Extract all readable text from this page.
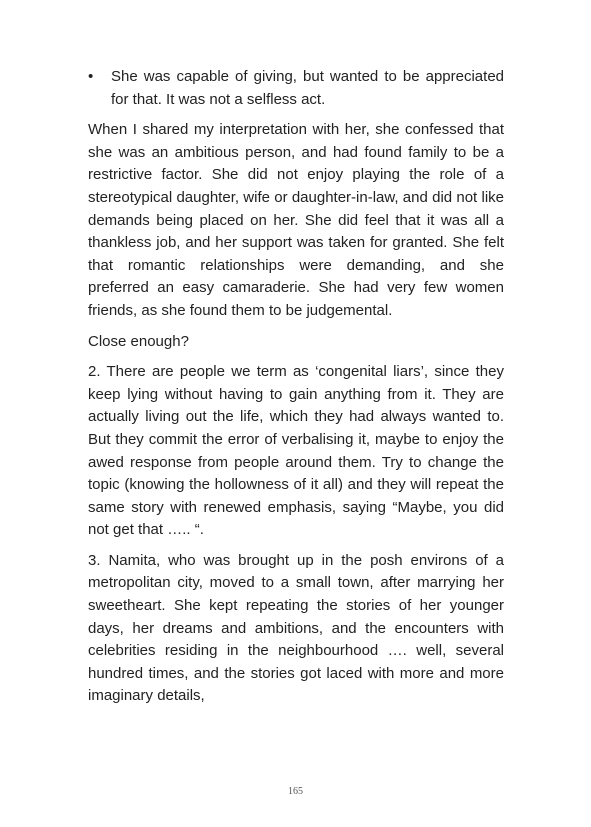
• She was capable of giving, but wanted to be appreciated for that. It was not a selfless act.

When I shared my interpretation with her, she confessed that she was an ambitious person, and had found family to be a restrictive factor. She did not enjoy playing the role of a stereotypical daughter, wife or daughter-in-law, and did not like demands being placed on her. She did feel that it was all a thankless job, and her support was taken for granted. She felt that romantic relationships were demanding, and she preferred an easy camaraderie. She had very few women friends, as she found them to be judgemental.

Close enough?

2. There are people we term as ‘congenital liars’, since they keep lying without having to gain anything from it. They are actually living out the life, which they had always wanted to. But they commit the error of verbalising it, maybe to enjoy the awed response from people around them. Try to change the topic (knowing the hollowness of it all) and they will repeat the same story with renewed emphasis, saying “Maybe, you did not get that ….. “.

3. Namita, who was brought up in the posh environs of a metropolitan city, moved to a small town, after marrying her sweetheart. She kept repeating the stories of her younger days, her dreams and ambitions, and the encounters with celebrities residing in the neighbourhood …. well, several hundred times, and the stories got laced with more and more imaginary details,

165
